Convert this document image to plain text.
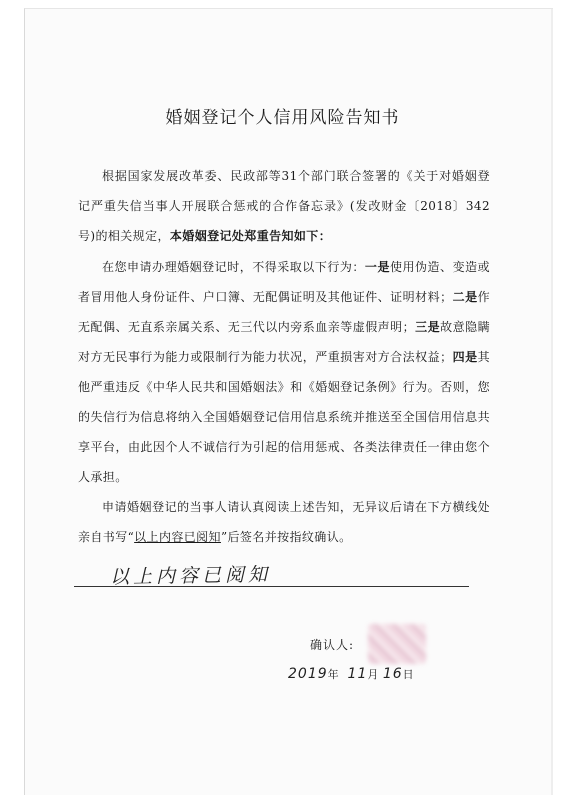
婚姻登记个人信用风险告知书
根据国家发展改革委、民政部等31个部门联合签署的《关于对婚姻登记严重失信当事人开展联合惩戒的合作备忘录》(发改财金〔2018〕342号)的相关规定，本婚姻登记处郑重告知如下：
在您申请办理婚姻登记时，不得采取以下行为：一是使用伪造、变造或者冒用他人身份证件、户口簿、无配偶证明及其他证件、证明材料；二是作无配偶、无直系亲属关系、无三代以内旁系血亲等虚假声明；三是故意隐瞒对方无民事行为能力或限制行为能力状况，严重损害对方合法权益；四是其他严重违反《中华人民共和国婚姻法》和《婚姻登记条例》行为。否则，您的失信行为信息将纳入全国婚姻登记信用信息系统并推送至全国信用信息共享平台，由此因个人不诚信行为引起的信用惩戒、各类法律责任一律由您个人承担。
申请婚姻登记的当事人请认真阅读上述告知，无异议后请在下方横线处亲自书写“以上内容已阅知”后签名并按指纹确认。
以上内容已阅知
确认人:
2019年 11月 16日
